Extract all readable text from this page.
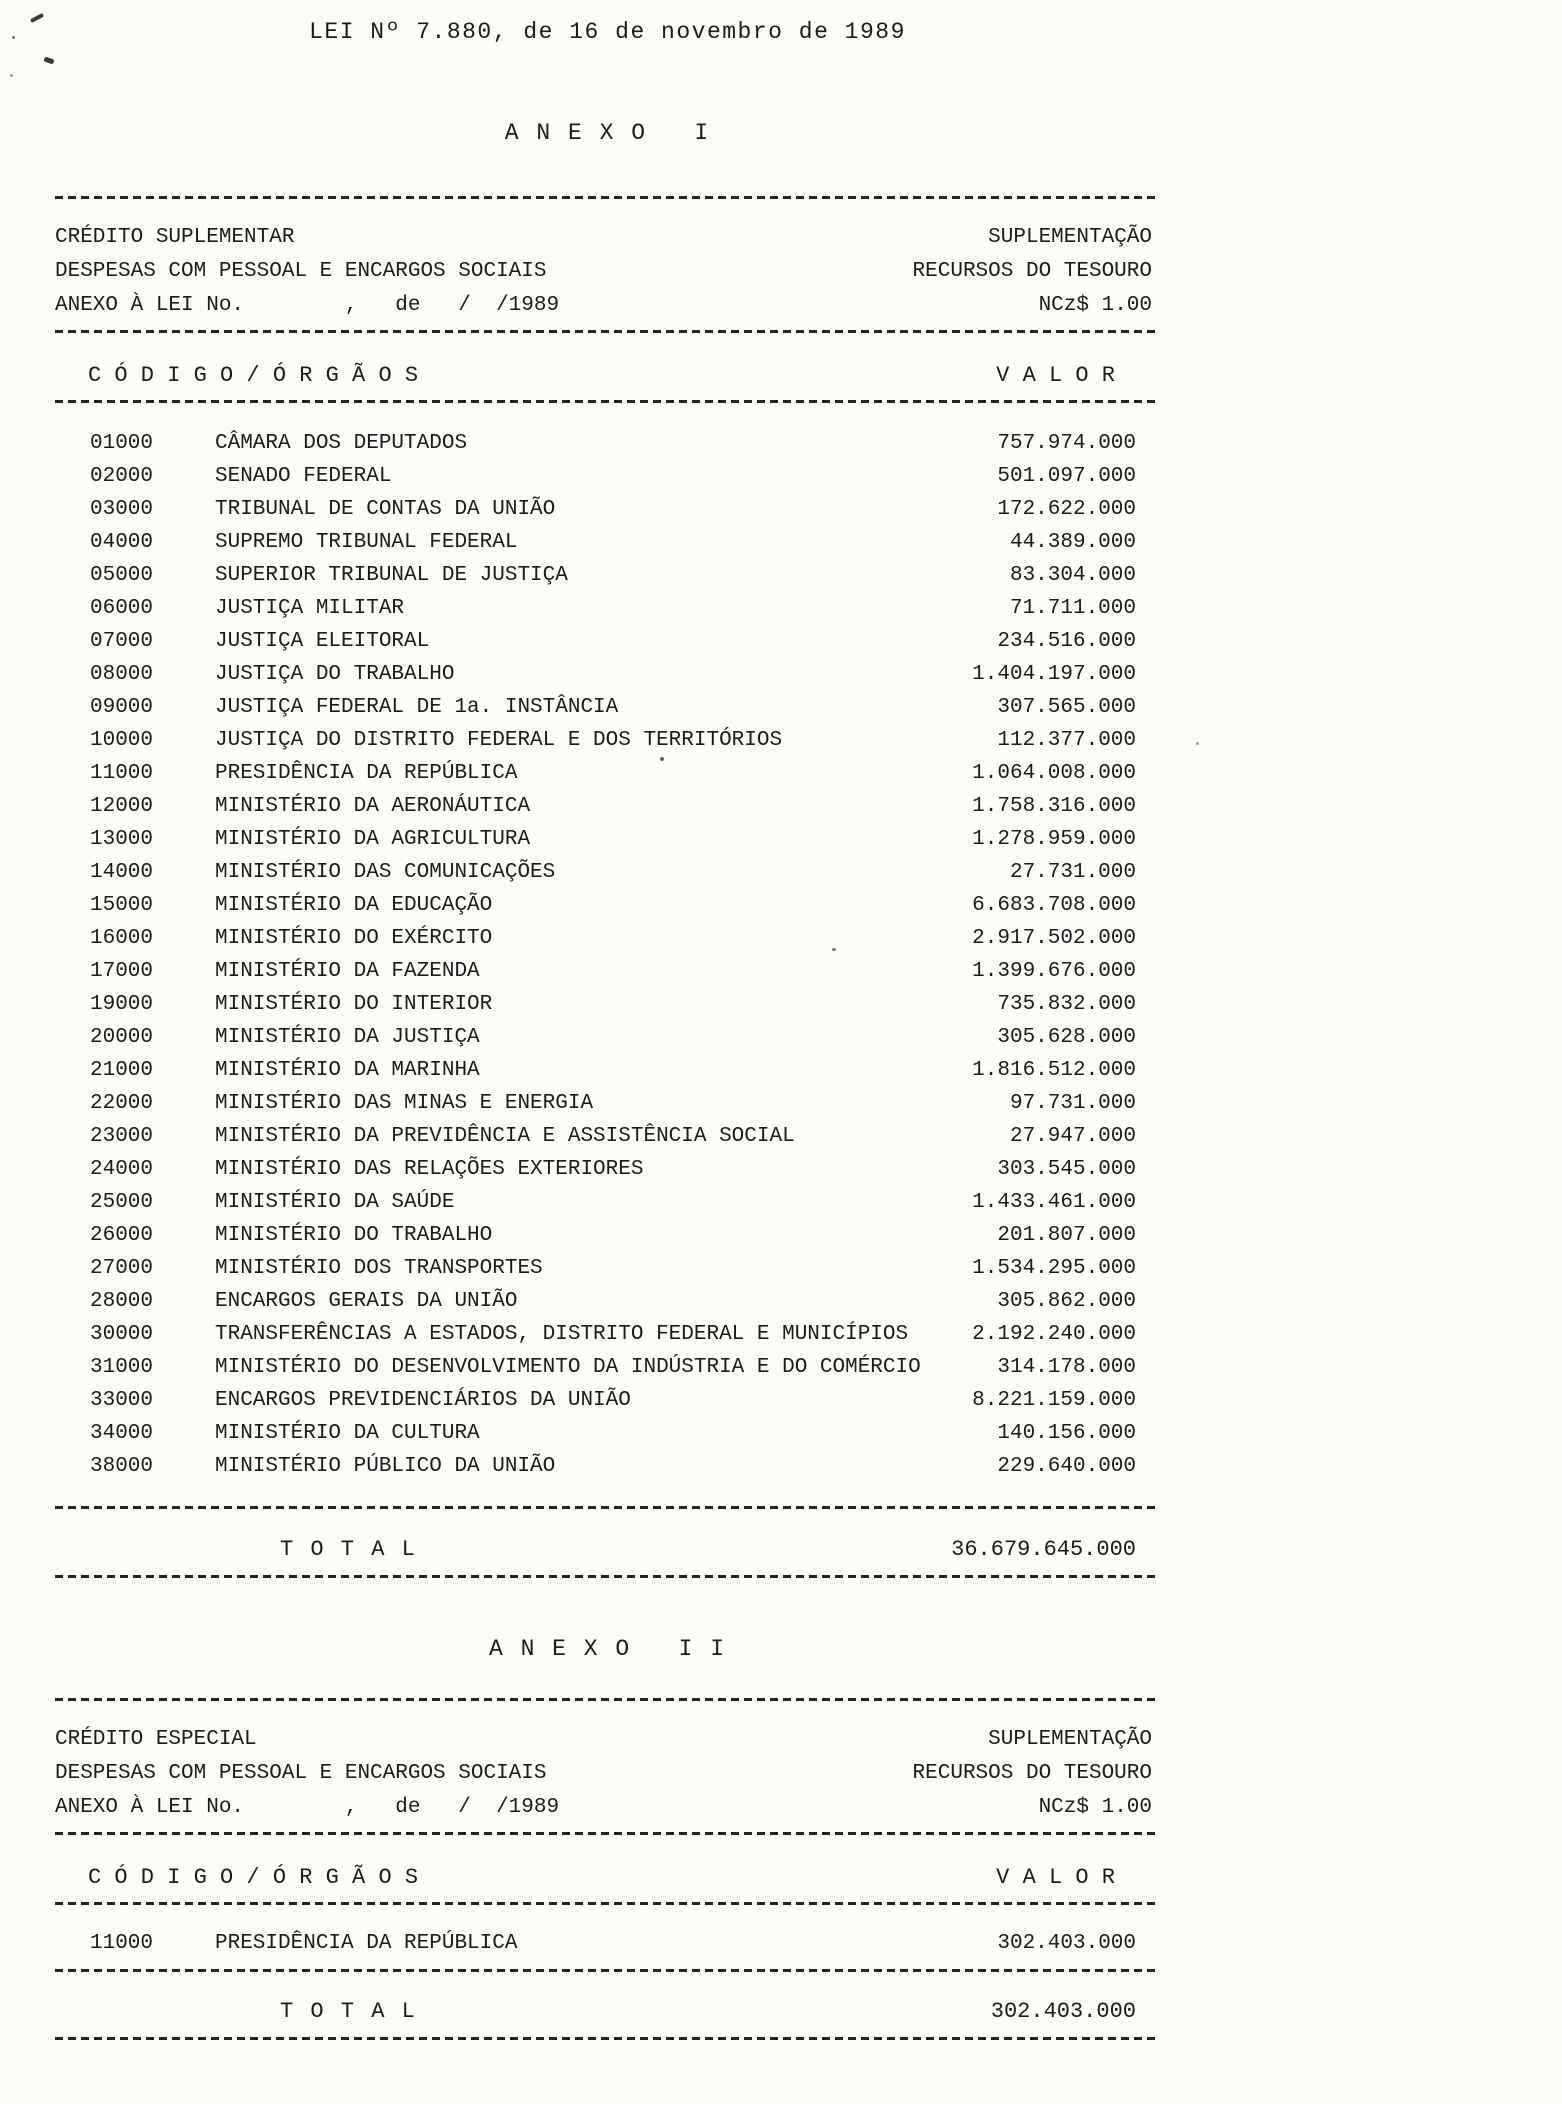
LEI Nº 7.880, de 16 de novembro de 1989
A N E X O   I
CRÉDITO SUPLEMENTAR	SUPLEMENTAÇÃO
DESPESAS COM PESSOAL E ENCARGOS SOCIAIS	RECURSOS DO TESOURO
ANEXO À LEI No.        ,   de   /  /1989	NCz$ 1.00
C Ó D I G O / Ó R G Ã O S	V A L O R
01000	CÂMARA DOS DEPUTADOS	757.974.000
02000	SENADO FEDERAL	501.097.000
03000	TRIBUNAL DE CONTAS DA UNIÃO	172.622.000
04000	SUPREMO TRIBUNAL FEDERAL	44.389.000
05000	SUPERIOR TRIBUNAL DE JUSTIÇA	83.304.000
06000	JUSTIÇA MILITAR	71.711.000
07000	JUSTIÇA ELEITORAL	234.516.000
08000	JUSTIÇA DO TRABALHO	1.404.197.000
09000	JUSTIÇA FEDERAL DE 1a. INSTÂNCIA	307.565.000
10000	JUSTIÇA DO DISTRITO FEDERAL E DOS TERRITÓRIOS	112.377.000
11000	PRESIDÊNCIA DA REPÚBLICA	1.064.008.000
12000	MINISTÉRIO DA AERONÁUTICA	1.758.316.000
13000	MINISTÉRIO DA AGRICULTURA	1.278.959.000
14000	MINISTÉRIO DAS COMUNICAÇÕES	27.731.000
15000	MINISTÉRIO DA EDUCAÇÃO	6.683.708.000
16000	MINISTÉRIO DO EXÉRCITO	2.917.502.000
17000	MINISTÉRIO DA FAZENDA	1.399.676.000
19000	MINISTÉRIO DO INTERIOR	735.832.000
20000	MINISTÉRIO DA JUSTIÇA	305.628.000
21000	MINISTÉRIO DA MARINHA	1.816.512.000
22000	MINISTÉRIO DAS MINAS E ENERGIA	97.731.000
23000	MINISTÉRIO DA PREVIDÊNCIA E ASSISTÊNCIA SOCIAL	27.947.000
24000	MINISTÉRIO DAS RELAÇÕES EXTERIORES	303.545.000
25000	MINISTÉRIO DA SAÚDE	1.433.461.000
26000	MINISTÉRIO DO TRABALHO	201.807.000
27000	MINISTÉRIO DOS TRANSPORTES	1.534.295.000
28000	ENCARGOS GERAIS DA UNIÃO	305.862.000
30000	TRANSFERÊNCIAS A ESTADOS, DISTRITO FEDERAL E MUNICÍPIOS	2.192.240.000
31000	MINISTÉRIO DO DESENVOLVIMENTO DA INDÚSTRIA E DO COMÉRCIO	314.178.000
33000	ENCARGOS PREVIDENCIÁRIOS DA UNIÃO	8.221.159.000
34000	MINISTÉRIO DA CULTURA	140.156.000
38000	MINISTÉRIO PÚBLICO DA UNIÃO	229.640.000
T O T A L	36.679.645.000
A N E X O   I I
CRÉDITO ESPECIAL	SUPLEMENTAÇÃO
DESPESAS COM PESSOAL E ENCARGOS SOCIAIS	RECURSOS DO TESOURO
ANEXO À LEI No.        ,   de   /  /1989	NCz$ 1.00
C Ó D I G O / Ó R G Ã O S	V A L O R
11000	PRESIDÊNCIA DA REPÚBLICA	302.403.000
T O T A L	302.403.000
